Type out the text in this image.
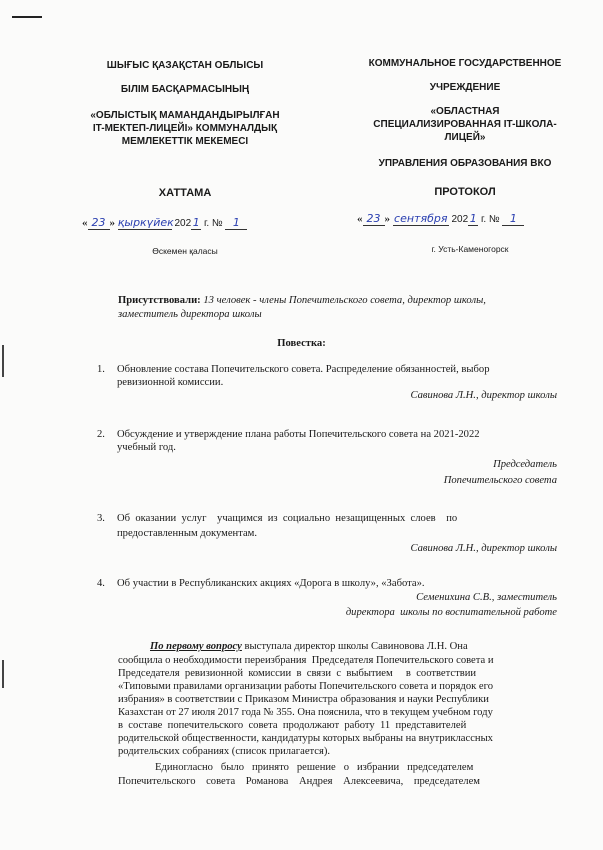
ШЫҒЫС ҚАЗАҚСТАН ОБЛЫСЫ
БІЛІМ БАСҚАРМАСЫНЫҢ
«ОБЛЫСТЫҚ МАМАНДАНДЫРЫЛҒАН
IT-МЕКТЕП-ЛИЦЕЙІ» КОММУНАЛДЫҚ
МЕМЛЕКЕТТІК МЕКЕМЕСІ
ХАТТАМА
« 23 » қыркүйек 202 1 г. № 1
Өскемен қаласы
КОММУНАЛЬНОЕ ГОСУДАРСТВЕННОЕ
УЧРЕЖДЕНИЕ
«ОБЛАСТНАЯ
СПЕЦИАЛИЗИРОВАННАЯ IT-ШКОЛА-
ЛИЦЕЙ»
УПРАВЛЕНИЯ ОБРАЗОВАНИЯ ВКО
ПРОТОКОЛ
« 23 » сентября 202 1 г. № 1
г. Усть-Каменогорск
Присутствовали: 13 человек - члены Попечительского совета, директор школы,
заместитель директора школы
Повестка:
1. Обновление состава Попечительского совета. Распределение обязанностей, выбор
ревизионной комиссии.
Савинова Л.Н., директор школы
2. Обсуждение и утверждение плана работы Попечительского совета на 2021-2022
учебный год.
Председатель
Попечительского совета
3. Об  оказании  услуг    учащимся  из  социально  незащищенных  слоев    по
предоставленным документам.
Савинова Л.Н., директор школы
4. Об участии в Республиканских акциях «Дорога в школу», «Забота».
Семенихина С.В., заместитель
директора  школы по воспитательной работе
По первому вопросу выступала директор школы Савиновова Л.Н. Она
сообщила о необходимости переизбрания  Председателя Попечительского совета и
Председателя  ревизионной  комиссии  в  связи  с  выбытием     в  соответствии
«Типовыми правилами организации работы Попечительского совета и порядок его
избрания» в соответствии с Приказом Министра образования и науки Республики
Казахстан от 27 июля 2017 года № 355. Она пояснила, что в текущем учебном году
в  составе  попечительского  совета  продолжают  работу  11  представителей
родительской общественности, кандидатуры которых выбраны на внутриклассных
родительских собраниях (список прилагается).
Единогласно   было   принято   решение   о   избрании   председателем
Попечительского    совета    Романова    Андрея    Алексеевича,    председателем
